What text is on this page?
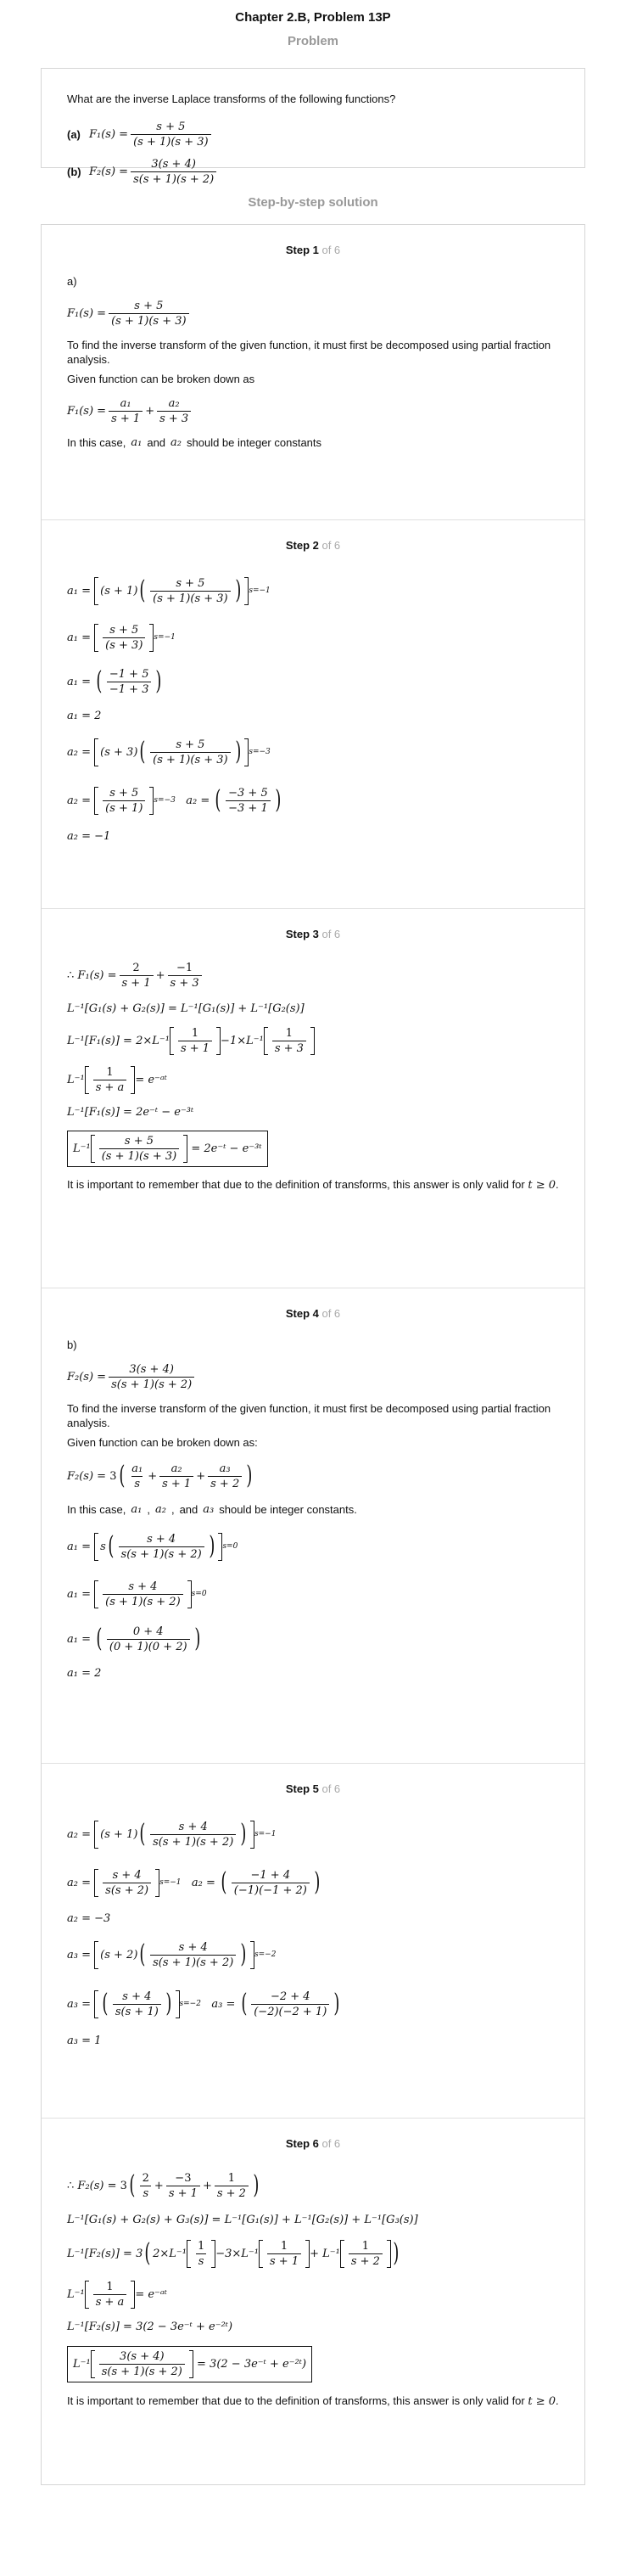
Chapter 2.B, Problem 13P
Problem
What are the inverse Laplace transforms of the following functions?
(a) $F_1(s) = \frac{s + 5}{(s + 1)(s + 3)}$
(b) $F_2(s) = \frac{3(s + 4)}{s(s + 1)(s + 2)}$
Step-by-step solution
Step 1 of 6
a)
$F_1(s) = \frac{s + 5}{(s + 1)(s + 3)}$
To find the inverse transform of the given function, it must first be decomposed using partial fraction analysis.
Given function can be broken down as
$F_1(s) = \frac{\text{a₁}}{s + 1} + \frac{\text{a₂}}{s + 3}$
In this case, a₁ and a₂ should be integer constants
Step 2 of 6
a₁
=
(s + 1) ( $\frac{s + 5}{(s + 1)(s + 3)}$ ) s=−1
a₁
=
$\frac{s + 5}{(s + 3)} s=-1$
a₁
=
( $\frac{-1 + 5}{-1 + 3}$ )
a₁ = 2
a₂
=
(s + 3) ( $\frac{s + 5}{(s + 1)(s + 3)}$ ) s=−3
a₂
=
$\frac{s + 5}{(s + 1)} s=-3$
a₂
=
( $\frac{-3 + 5}{-3 + 1}$ )
a₂ = −1
Step 3 of 6
∴
$F_1(s) = \frac{2}{s + 1} + \frac{-1}{s + 3}$
L⁻¹ [G₁(s) + G₂(s)] = L⁻¹[G₁(s)] + L⁻¹[G₂(s)]
L⁻¹ $[F_1(s)] = 2\times L^{-1} \frac{1}{s + 1} -1\times L^{-1} \frac{1}{s + 3}$
$L^{-1} \frac{1}{s + a}$ = e⁻ᵃᵗ
L⁻¹ [F₁(s)] = 2e⁻ᵗ − e⁻³ᵗ
$L^{-1} \frac{s + 5}{(s + 1)(s + 3)}$
= 2e⁻ᵗ − e⁻³ᵗ
It is important to remember that due to the definition of transforms, this answer is only valid for t ≥ 0.
Step 4 of 6
b)
$F_2(s) = \frac{3(s + 4)}{s(s + 1)(s + 2)}$
To find the inverse transform of the given function, it must first be decomposed using partial fraction analysis.
Given function can be broken down as:
F₂(s) =
3 ( $\frac{\text{a₁}}{s} + \frac{\text{a₂}}{s + 1} + \frac{\text{a₃}}{s + 2}$ )
In this case, a₁ , a₂ , and a₃ should be integer constants.
a₁
=
s ( $\frac{s + 4}{s(s + 1)(s + 2)}$ ) s=0
a₁
=
$\frac{s + 4}{(s + 1)(s + 2)} s=0$
a₁
=
( $\frac{0 + 4}{(0 + 1)(0 + 2)}$ )
a₁ = 2
Step 5 of 6
a₂
=
(s + 1) ( $\frac{s + 4}{s(s + 1)(s + 2)}$ ) s=−1
a₂
=
$\frac{s + 4}{s(s + 2)} s=-1$
a₂
=
( $\frac{-1 + 4}{(-1)(-1 + 2)}$ )
a₂ = −3
a₃
=
(s + 2) ( $\frac{s + 4}{s(s + 1)(s + 2)}$ ) s=−2
a₃
=
( $\frac{s + 4}{s(s + 1)}$ ) s=−2
a₃
=
( $\frac{-2 + 4}{(-2)(-2 + 1)}$ )
a₃ = 1
Step 6 of 6
∴
F₂(s) =
3 ( $\frac{2}{s} + \frac{-3}{s + 1} + \frac{1}{s + 2}$ )
L⁻¹ [G₁(s) + G₂(s) + G₃(s)] = L⁻¹[G₁(s)] + L⁻¹[G₂(s)] + L⁻¹[G₃(s)]
L⁻¹ [F₂(s)] = 3 ( $2\times L^{-1} \frac{1}{s} -3\times L^{-1} \frac{1}{s + 1} + L^{-1} \frac{1}{s + 2}$ )
$L^{-1} \frac{1}{s + a}$ = e⁻ᵃᵗ
L⁻¹ [F₂(s)] = 3(2 − 3e⁻ᵗ + e⁻²ᵗ)
$L^{-1} \frac{3(s + 4)}{s(s + 1)(s + 2)}$
= 3(2 − 3e⁻ᵗ + e⁻²ᵗ)
It is important to remember that due to the definition of transforms, this answer is only valid for t ≥ 0.
